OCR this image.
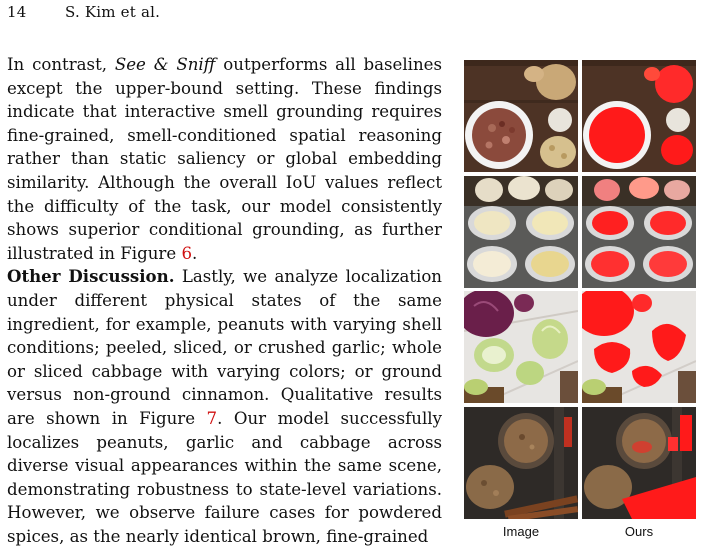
14	S. Kim et al.

In contrast, See & Sniff outperforms all baselines except the upper-bound setting. These findings indicate that interactive smell grounding requires fine-grained, smell-conditioned spatial reasoning rather than static saliency or global embedding similarity. Although the overall IoU values reflect the difficulty of the task, our model consistently shows superior conditional grounding, as further illustrated in Figure 6.

Other Discussion. Lastly, we analyze localization under different physical states of the same ingredient, for example, peanuts with varying shell conditions; peeled, sliced, or crushed garlic; whole or sliced cabbage with varying colors; or ground versus non-ground cinnamon. Qualitative results are shown in Figure 7. Our model successfully localizes peanuts, garlic and cabbage across diverse visual appearances within the same scene, demonstrating robustness to state-level variations. However, we observe failure cases for powdered spices, as the nearly identical brown, fine-grained	Image	Ours
